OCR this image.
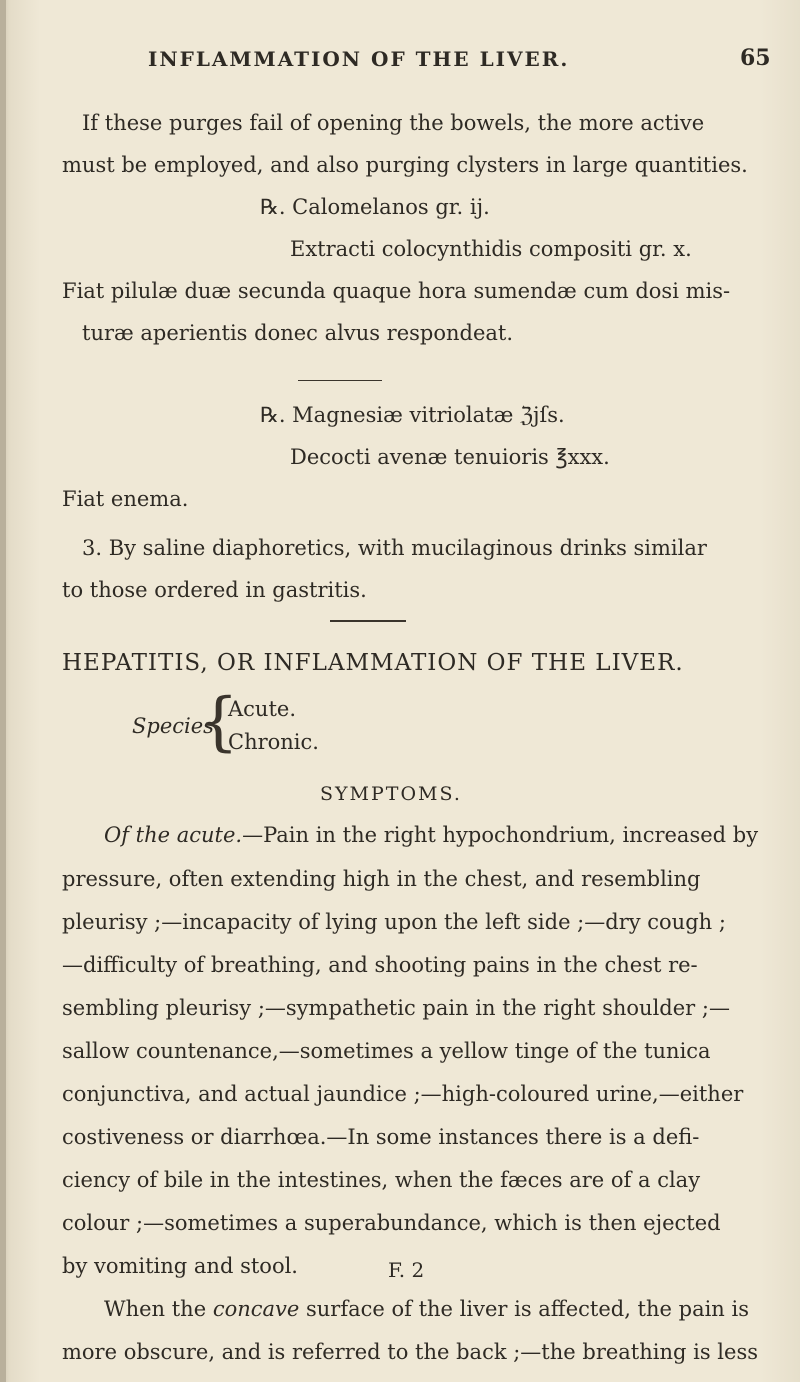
INFLAMMATION OF THE LIVER.	65
If these purges fail of opening the bowels, the more active
must be employed, and also purging clysters in large quantities.
℞. Calomelanos gr. ij.
Extracti colocynthidis compositi gr. x.
Fiat pilulæ duæ secunda quaque hora sumendæ cum dosi mis-
turæ aperientis donec alvus respondeat.
℞. Magnesiæ vitriolatæ ℨjſs.
Decocti avenæ tenuioris ℥xxx.
Fiat enema.
3. By saline diaphoretics, with mucilaginous drinks similar
to those ordered in gastritis.
HEPATITIS, OR INFLAMMATION OF THE LIVER.
Species.
{
Acute.
Chronic.
SYMPTOMS.
Of the acute.—Pain in the right hypochondrium, increased by
pressure, often extending high in the chest, and resembling
pleurisy ;—incapacity of lying upon the left side ;—dry cough ;
—difficulty of breathing, and shooting pains in the chest re-
sembling pleurisy ;—sympathetic pain in the right shoulder ;—
sallow countenance,—sometimes a yellow tinge of the tunica
conjunctiva, and actual jaundice ;—high-coloured urine,—either
costiveness or diarrhœa.—In some instances there is a defi-
ciency of bile in the intestines, when the fæces are of a clay
colour ;—sometimes a superabundance, which is then ejected
by vomiting and stool.
When the concave surface of the liver is affected, the pain is
more obscure, and is referred to the back ;—the breathing is less
F. 2
